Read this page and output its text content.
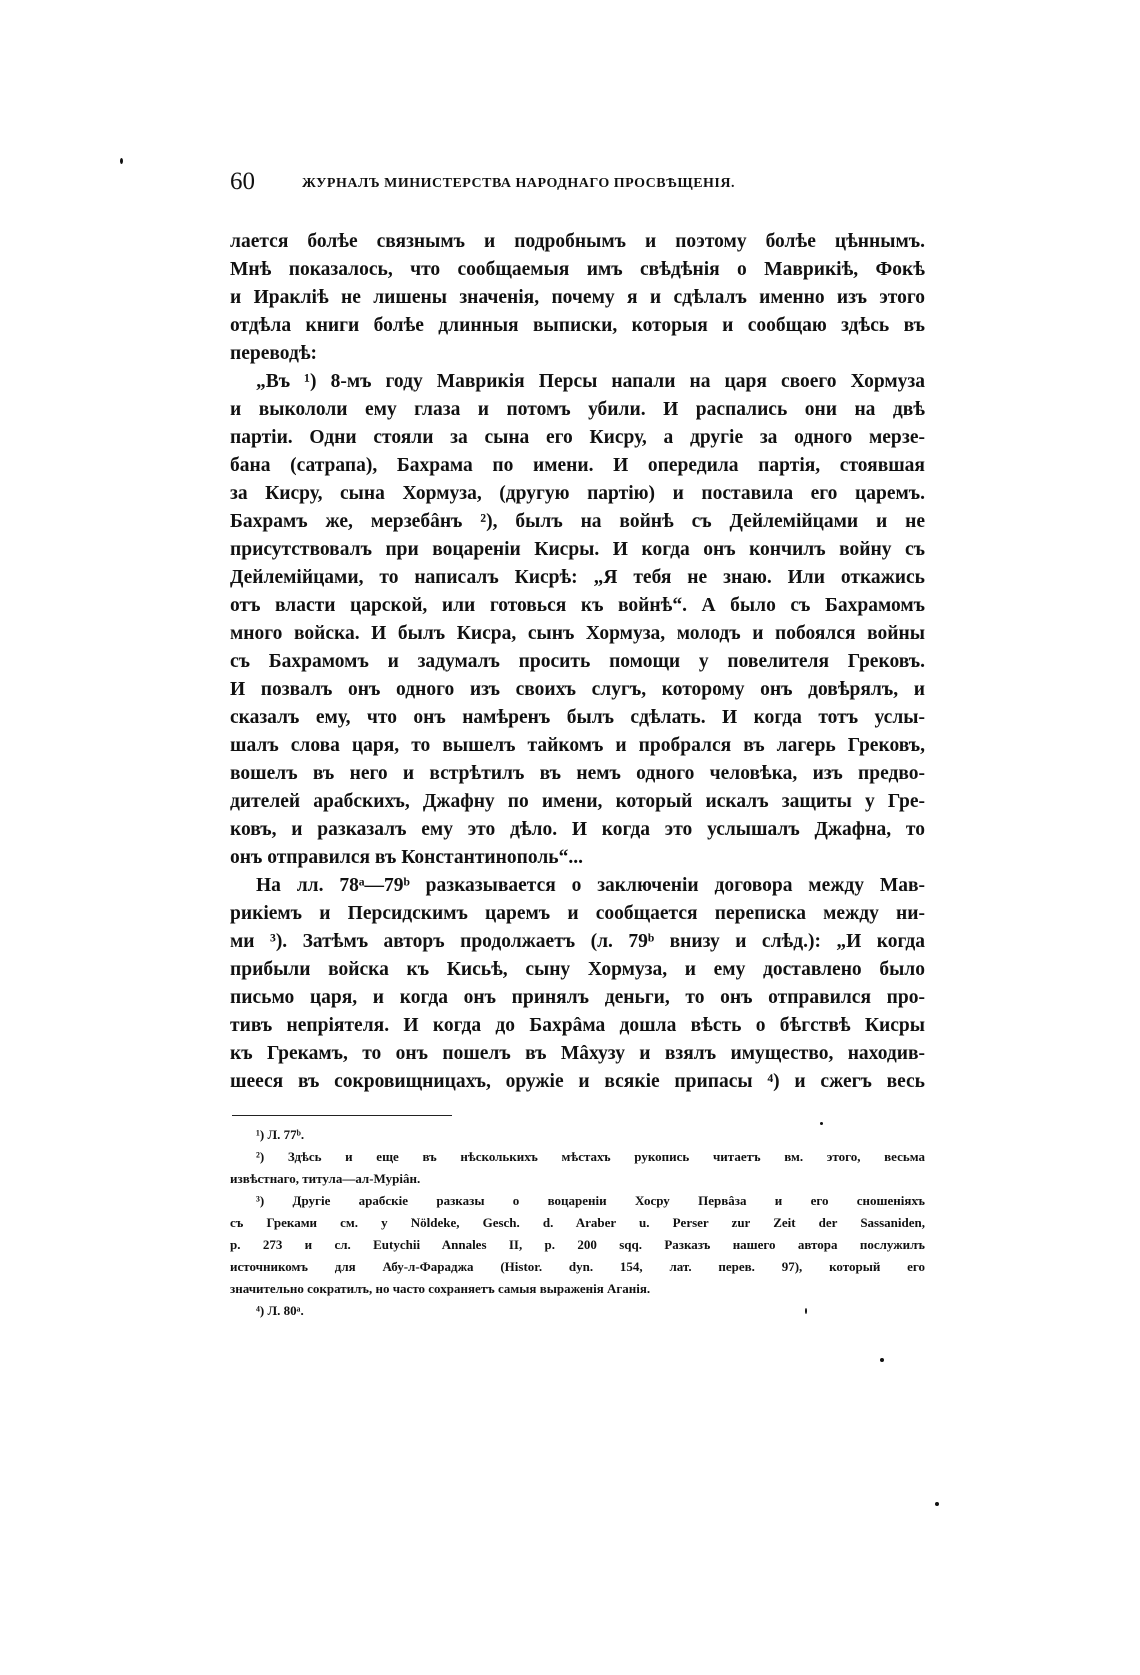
60	ЖУРНАЛЪ МИНИСТЕРСТВА НАРОДНАГО ПРОСВѢЩЕНІЯ.
лается болѣе связнымъ и подробнымъ и поэтому болѣе цѣннымъ.
Мнѣ показалось, что сообщаемыя имъ свѣдѣнія о Маврикіѣ, Фокѣ
и Ираклiѣ не лишены значенія, почему я и сдѣлалъ именно изъ этого
отдѣла книги болѣе длинныя выписки, которыя и сообщаю здѣсь въ
переводѣ:
„Въ ¹) 8-мъ году Маврикія Персы напали на царя своего Хормуза
и выкололи ему глаза и потомъ убили. И распались они на двѣ
партіи. Одни стояли за сына его Кисру, а другіе за одного мерзе-
бана (сатрапа), Бахрама по имени. И опередила партія, стоявшая
за Кисру, сына Хормуза, (другую партію) и поставила его царемъ.
Бахрамъ же, мерзебâнъ ²), былъ на войнѣ съ Дейлемійцами и не
присутствовалъ при воцареніи Кисры. И когда онъ кончилъ войну съ
Дейлемійцами, то написалъ Кисрѣ: „Я тебя не знаю. Или откажись
отъ власти царской, или готовься къ войнѣ“. А было съ Бахрамомъ
много войска. И былъ Кисра, сынъ Хормуза, молодъ и побоялся войны
съ Бахрамомъ и задумалъ просить помощи у повелителя Грековъ.
И позвалъ онъ одного изъ своихъ слугъ, которому онъ довѣрялъ, и
сказалъ ему, что онъ намѣренъ былъ сдѣлать. И когда тотъ услы-
шалъ слова царя, то вышелъ тайкомъ и пробрался въ лагерь Грековъ,
вошелъ въ него и встрѣтилъ въ немъ одного человѣка, изъ предво-
дителей арабскихъ, Джафну по имени, который искалъ защиты у Гре-
ковъ, и разказалъ ему это дѣло. И когда это услышалъ Джафна, то
онъ отправился въ Константинополь“...
На лл. 78ᵃ—79ᵇ разказывается о заключеніи договора между Мав-
рикіемъ и Персидскимъ царемъ и сообщается переписка между ни-
ми ³). Затѣмъ авторъ продолжаетъ (л. 79ᵇ внизу и слѣд.): „И когда
прибыли войска къ Кисьѣ, сыну Хормуза, и ему доставлено было
письмо царя, и когда онъ принялъ деньги, то онъ отправился про-
тивъ непріятеля. И когда до Бахрâма дошла вѣсть о бѣгствѣ Кисры
къ Грекамъ, то онъ пошелъ въ Мâхузу и взялъ имущество, находив-
шееся въ сокровищницахъ, оружіе и всякіе припасы ⁴) и сжегъ весь
¹) Л. 77ᵇ.
²) Здѣсь и еще въ нѣсколькихъ мѣстахъ рукопись читаетъ вм. этого, весьма
извѣстнаго, титула—ал-Мурiâн.
³) Другіе арабскіе разказы о воцареніи Хосру Первâза и его сношеніяхъ
съ Греками см. у Nöldeke, Gesch. d. Araber u. Perser zur Zeit der Sassaniden,
p. 273 и сл. Eutychii Annales II, p. 200 sqq. Разказъ нашего автора послужилъ
источникомъ для Абу-л-Фараджа (Histor. dyn. 154, лат. перев. 97), который его
значительно сократилъ, но часто сохраняетъ самыя выраженія Аганія.
⁴) Л. 80ᵃ.
